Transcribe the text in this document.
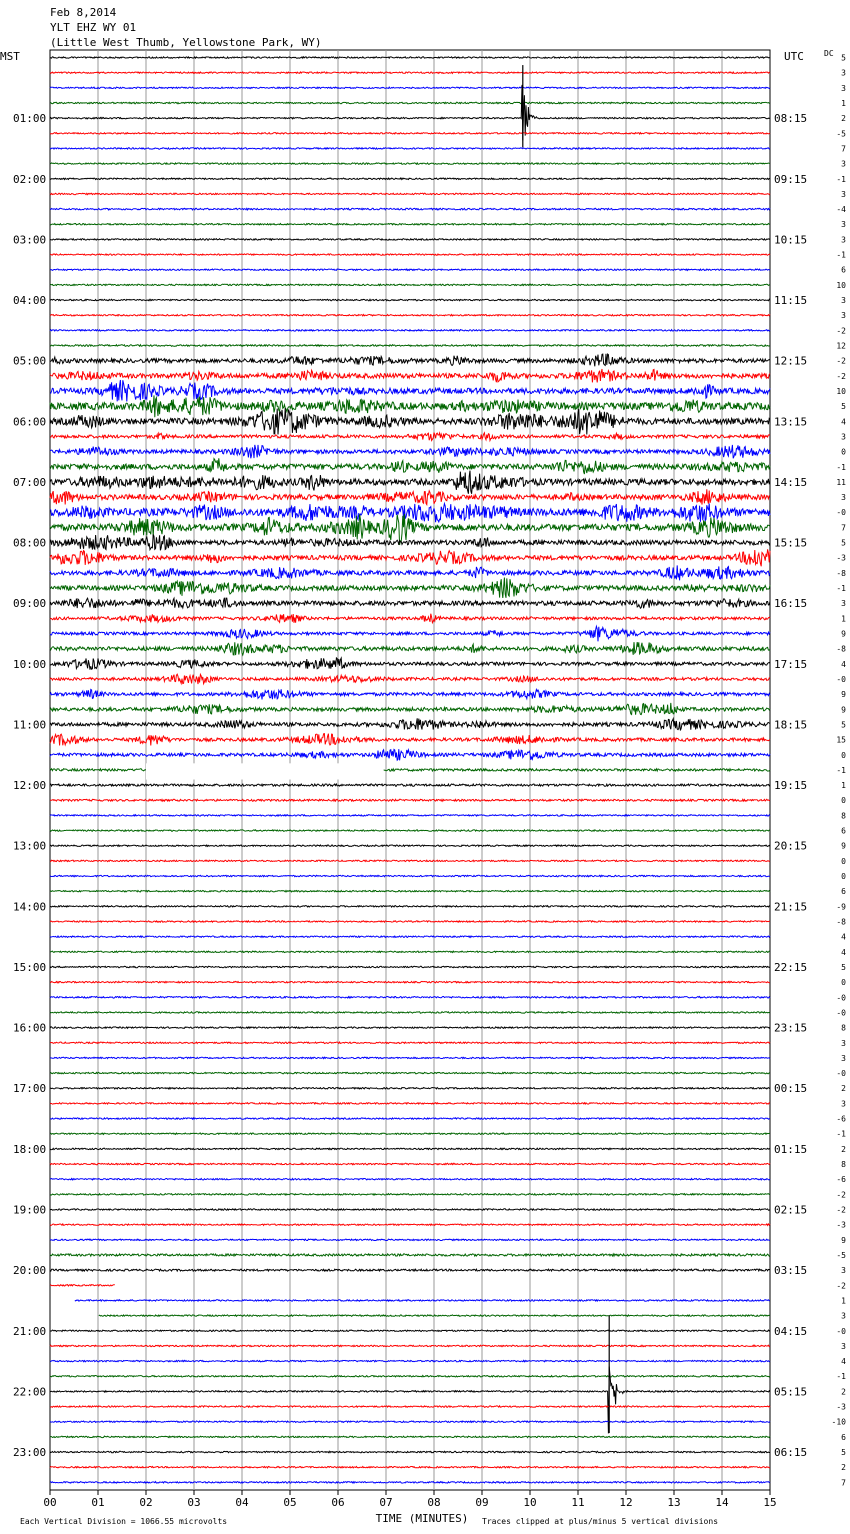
Feb 8,2014
YLT EHZ WY 01
(Little West Thumb, Yellowstone Park, WY)
MST	UTC	DC
01:00
02:00
03:00
04:00
05:00
06:00
07:00
08:00
09:00
10:00
11:00
12:00
13:00
14:00
15:00
16:00
17:00
18:00
19:00
20:00
21:00
22:00
23:00
08:15
09:15
10:15
11:15
12:15
13:15
14:15
15:15
16:15
17:15
18:15
19:15
20:15
21:15
22:15
23:15
00:15
01:15
02:15
03:15
04:15
05:15
06:15
5
3
3
1
2
-5
7
3
-1
3
-4
3
3
-1
6
10
3
3
-2
12
-2
-2
10
5
4
3
0
-1
11
3
-0
7
5
-3
-8
-1
3
1
9
-8
4
-0
9
9
5
15
0
-1
1
0
8
6
9
0
0
6
-9
-8
4
4
5
0
-0
-0
8
3
3
-0
2
3
-6
-1
2
8
-6
-2
-2
-3
9
-5
3
-2
1
3
-0
3
4
-1
2
-3
-10
6
5
2
7
00	01	02	03	04	05	06	07	08	09	10	11	12	13	14	15
TIME (MINUTES)
Each Vertical Division = 1066.55 microvolts	Traces clipped at plus/minus 5 vertical divisions
